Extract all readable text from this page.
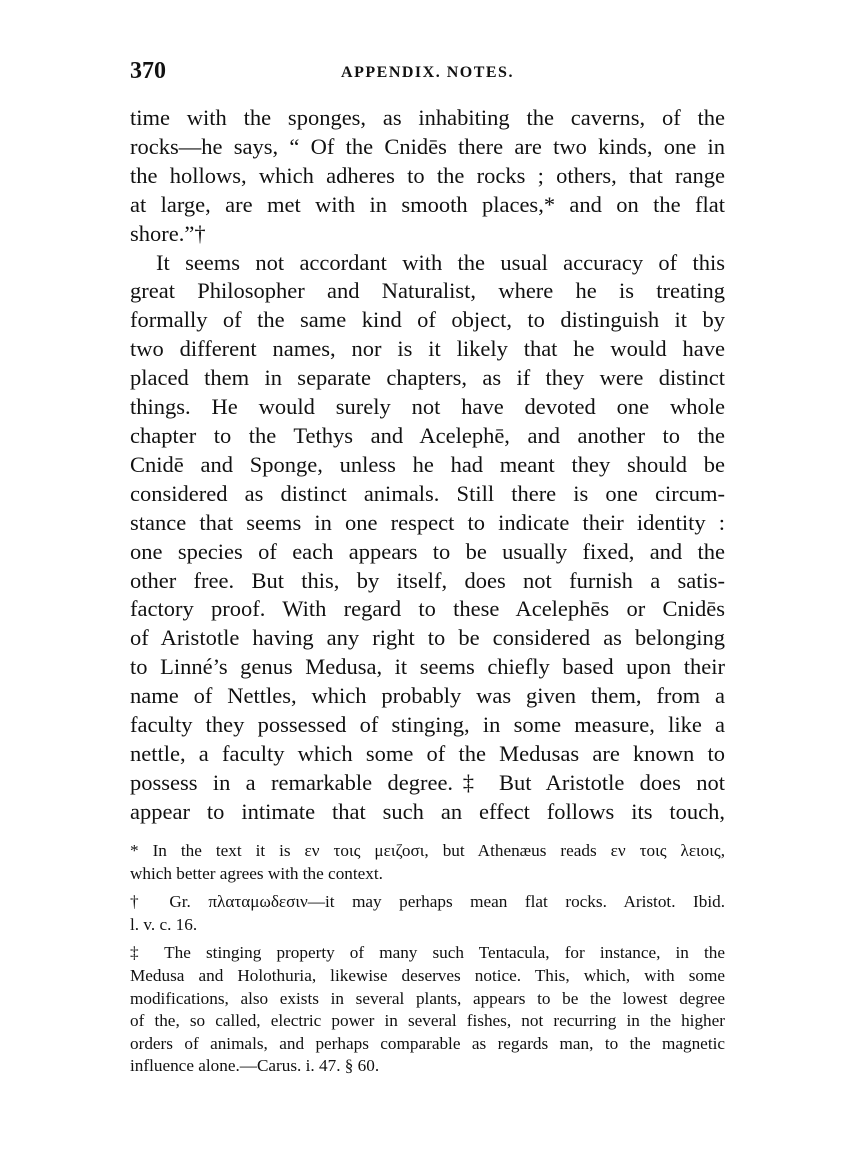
370	APPENDIX. NOTES.
time with the sponges, as inhabiting the caverns, of the
rocks—he says, “ Of the Cnidēs there are two kinds, one in
the hollows, which adheres to the rocks ; others, that range
at large, are met with in smooth places,* and on the flat
shore.”†
It seems not accordant with the usual accuracy of this
great Philosopher and Naturalist, where he is treating
formally of the same kind of object, to distinguish it by
two different names, nor is it likely that he would have
placed them in separate chapters, as if they were distinct
things. He would surely not have devoted one whole
chapter to the Tethys and Acelephē, and another to the
Cnidē and Sponge, unless he had meant they should be
considered as distinct animals. Still there is one circum-
stance that seems in one respect to indicate their identity :
one species of each appears to be usually fixed, and the
other free. But this, by itself, does not furnish a satis-
factory proof. With regard to these Acelephēs or Cnidēs
of Aristotle having any right to be considered as belonging
to Linné’s genus Medusa, it seems chiefly based upon their
name of Nettles, which probably was given them, from a
faculty they possessed of stinging, in some measure, like a
nettle, a faculty which some of the Medusas are known to
possess in a remarkable degree.‡ But Aristotle does not
appear to intimate that such an effect follows its touch,
* In the text it is εν τοις μειζοσι, but Athenæus reads εν τοις λειοις,
which better agrees with the context.
† Gr. πλαταμωδεσιν—it may perhaps mean flat rocks. Aristot. Ibid.
l. v. c. 16.
‡ The stinging property of many such Tentacula, for instance, in the
Medusa and Holothuria, likewise deserves notice. This, which, with some
modifications, also exists in several plants, appears to be the lowest degree
of the, so called, electric power in several fishes, not recurring in the higher
orders of animals, and perhaps comparable as regards man, to the magnetic
influence alone.—Carus. i. 47. § 60.
